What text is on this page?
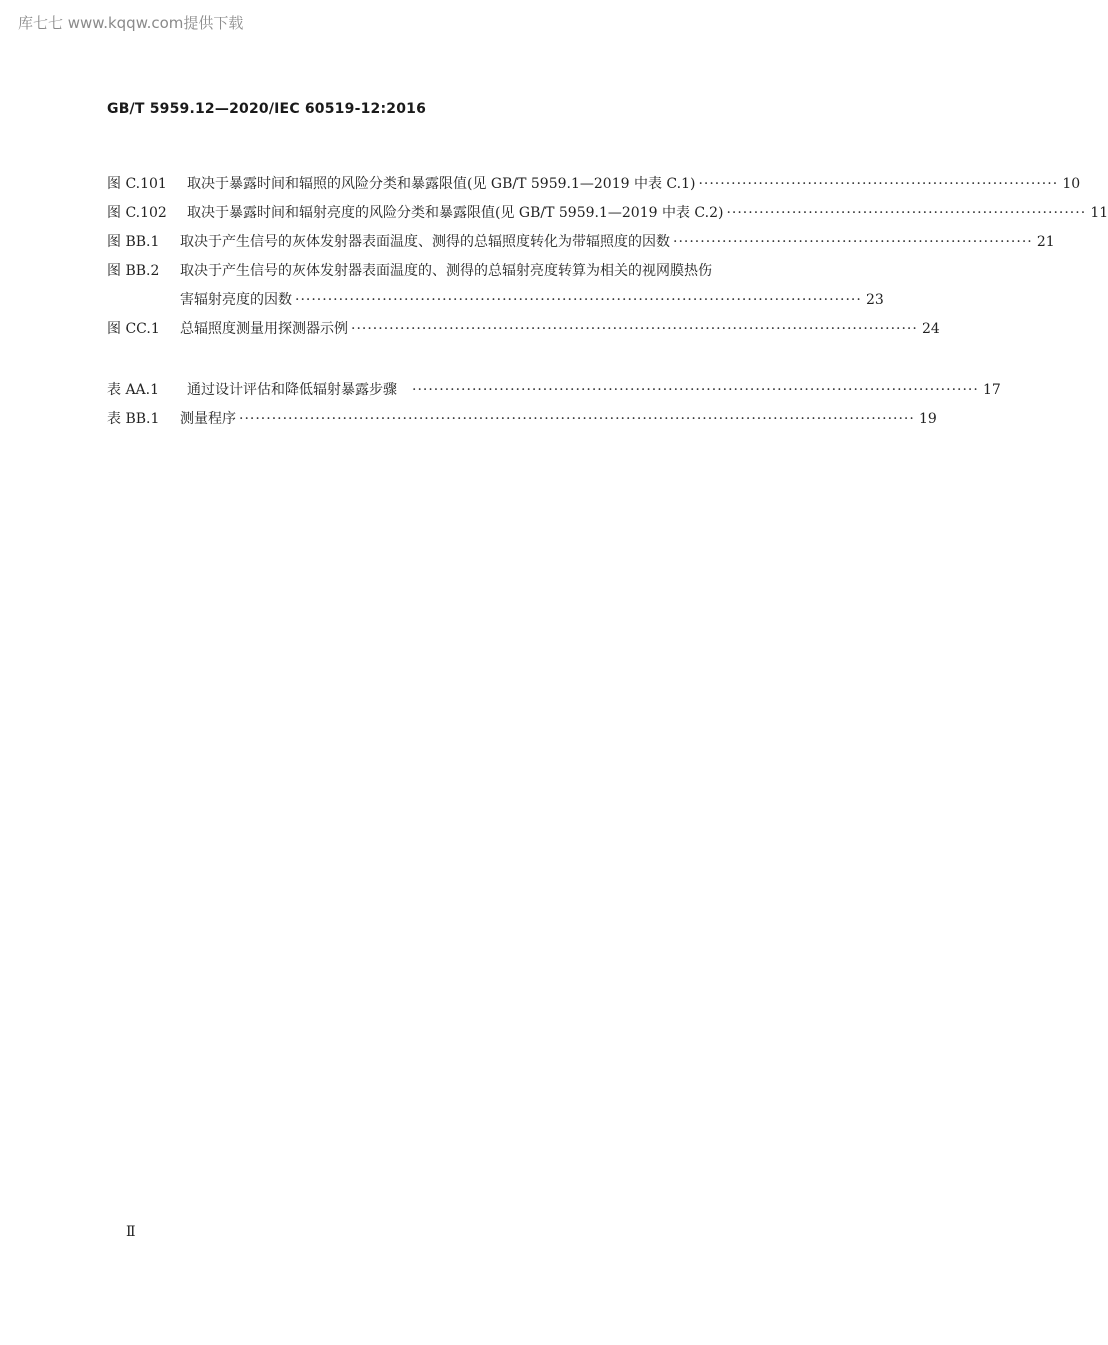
库七七 www.kqqw.com提供下载
GB/T 5959.12—2020/IEC 60519-12:2016
图 C.101 取决于暴露时间和辐照的风险分类和暴露限值(见 GB/T 5959.1—2019 中表 C.1) ·································································· 10
图 C.102 取决于暴露时间和辐射亮度的风险分类和暴露限值(见 GB/T 5959.1—2019 中表 C.2) ·································································· 11
图 BB.1 取决于产生信号的灰体发射器表面温度、测得的总辐照度转化为带辐照度的因数 ·································································· 21
图 BB.2 取决于产生信号的灰体发射器表面温度的、测得的总辐射亮度转算为相关的视网膜热伤
害辐射亮度的因数 ········································································································ 23
图 CC.1 总辐照度测量用探测器示例 ········································································································ 24
表 AA.1 通过设计评估和降低辐射暴露步骤 ········································································································ 17
表 BB.1 测量程序 ···························································································································· 19
Ⅱ
